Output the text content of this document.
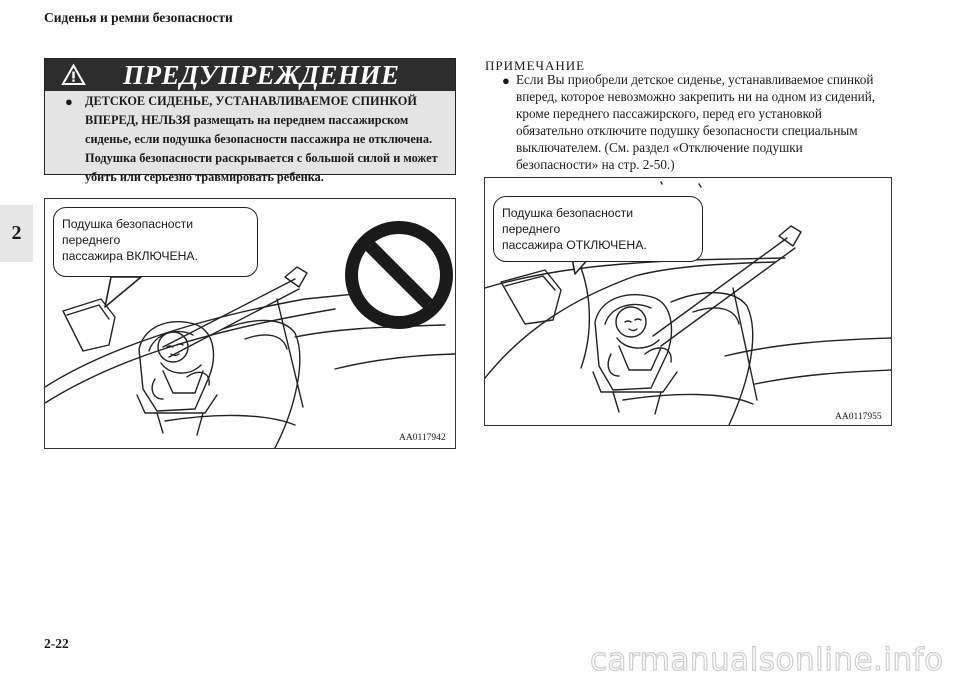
Сиденья и ремни безопасности
2
ПРЕДУПРЕЖДЕНИЕ
● ДЕТСКОЕ СИДЕНЬЕ, УСТАНАВЛИВАЕМОЕ СПИНКОЙ
ВПЕРЕД, НЕЛЬЗЯ размещать на переднем пассажирском
сиденье, если подушка безопасности пассажира не отключена.
Подушка безопасности раскрывается с большой силой и может
убить или серьезно травмировать ребенка.
Подушка безопасности переднего
пассажира ВКЛЮЧЕНА.
AA0117942
ПРИМЕЧАНИЕ
● Если Вы приобрели детское сиденье, устанавливаемое спинкой
вперед, которое невозможно закрепить ни на одном из сидений,
кроме переднего пассажирского, перед его установкой
обязательно отключите подушку безопасности специальным
выключателем. (См. раздел «Отключение подушки
безопасности» на стр. 2-50.)
Подушка безопасности переднего
пассажира ОТКЛЮЧЕНА.
AA0117955
2-22	carmanualsonline.info
